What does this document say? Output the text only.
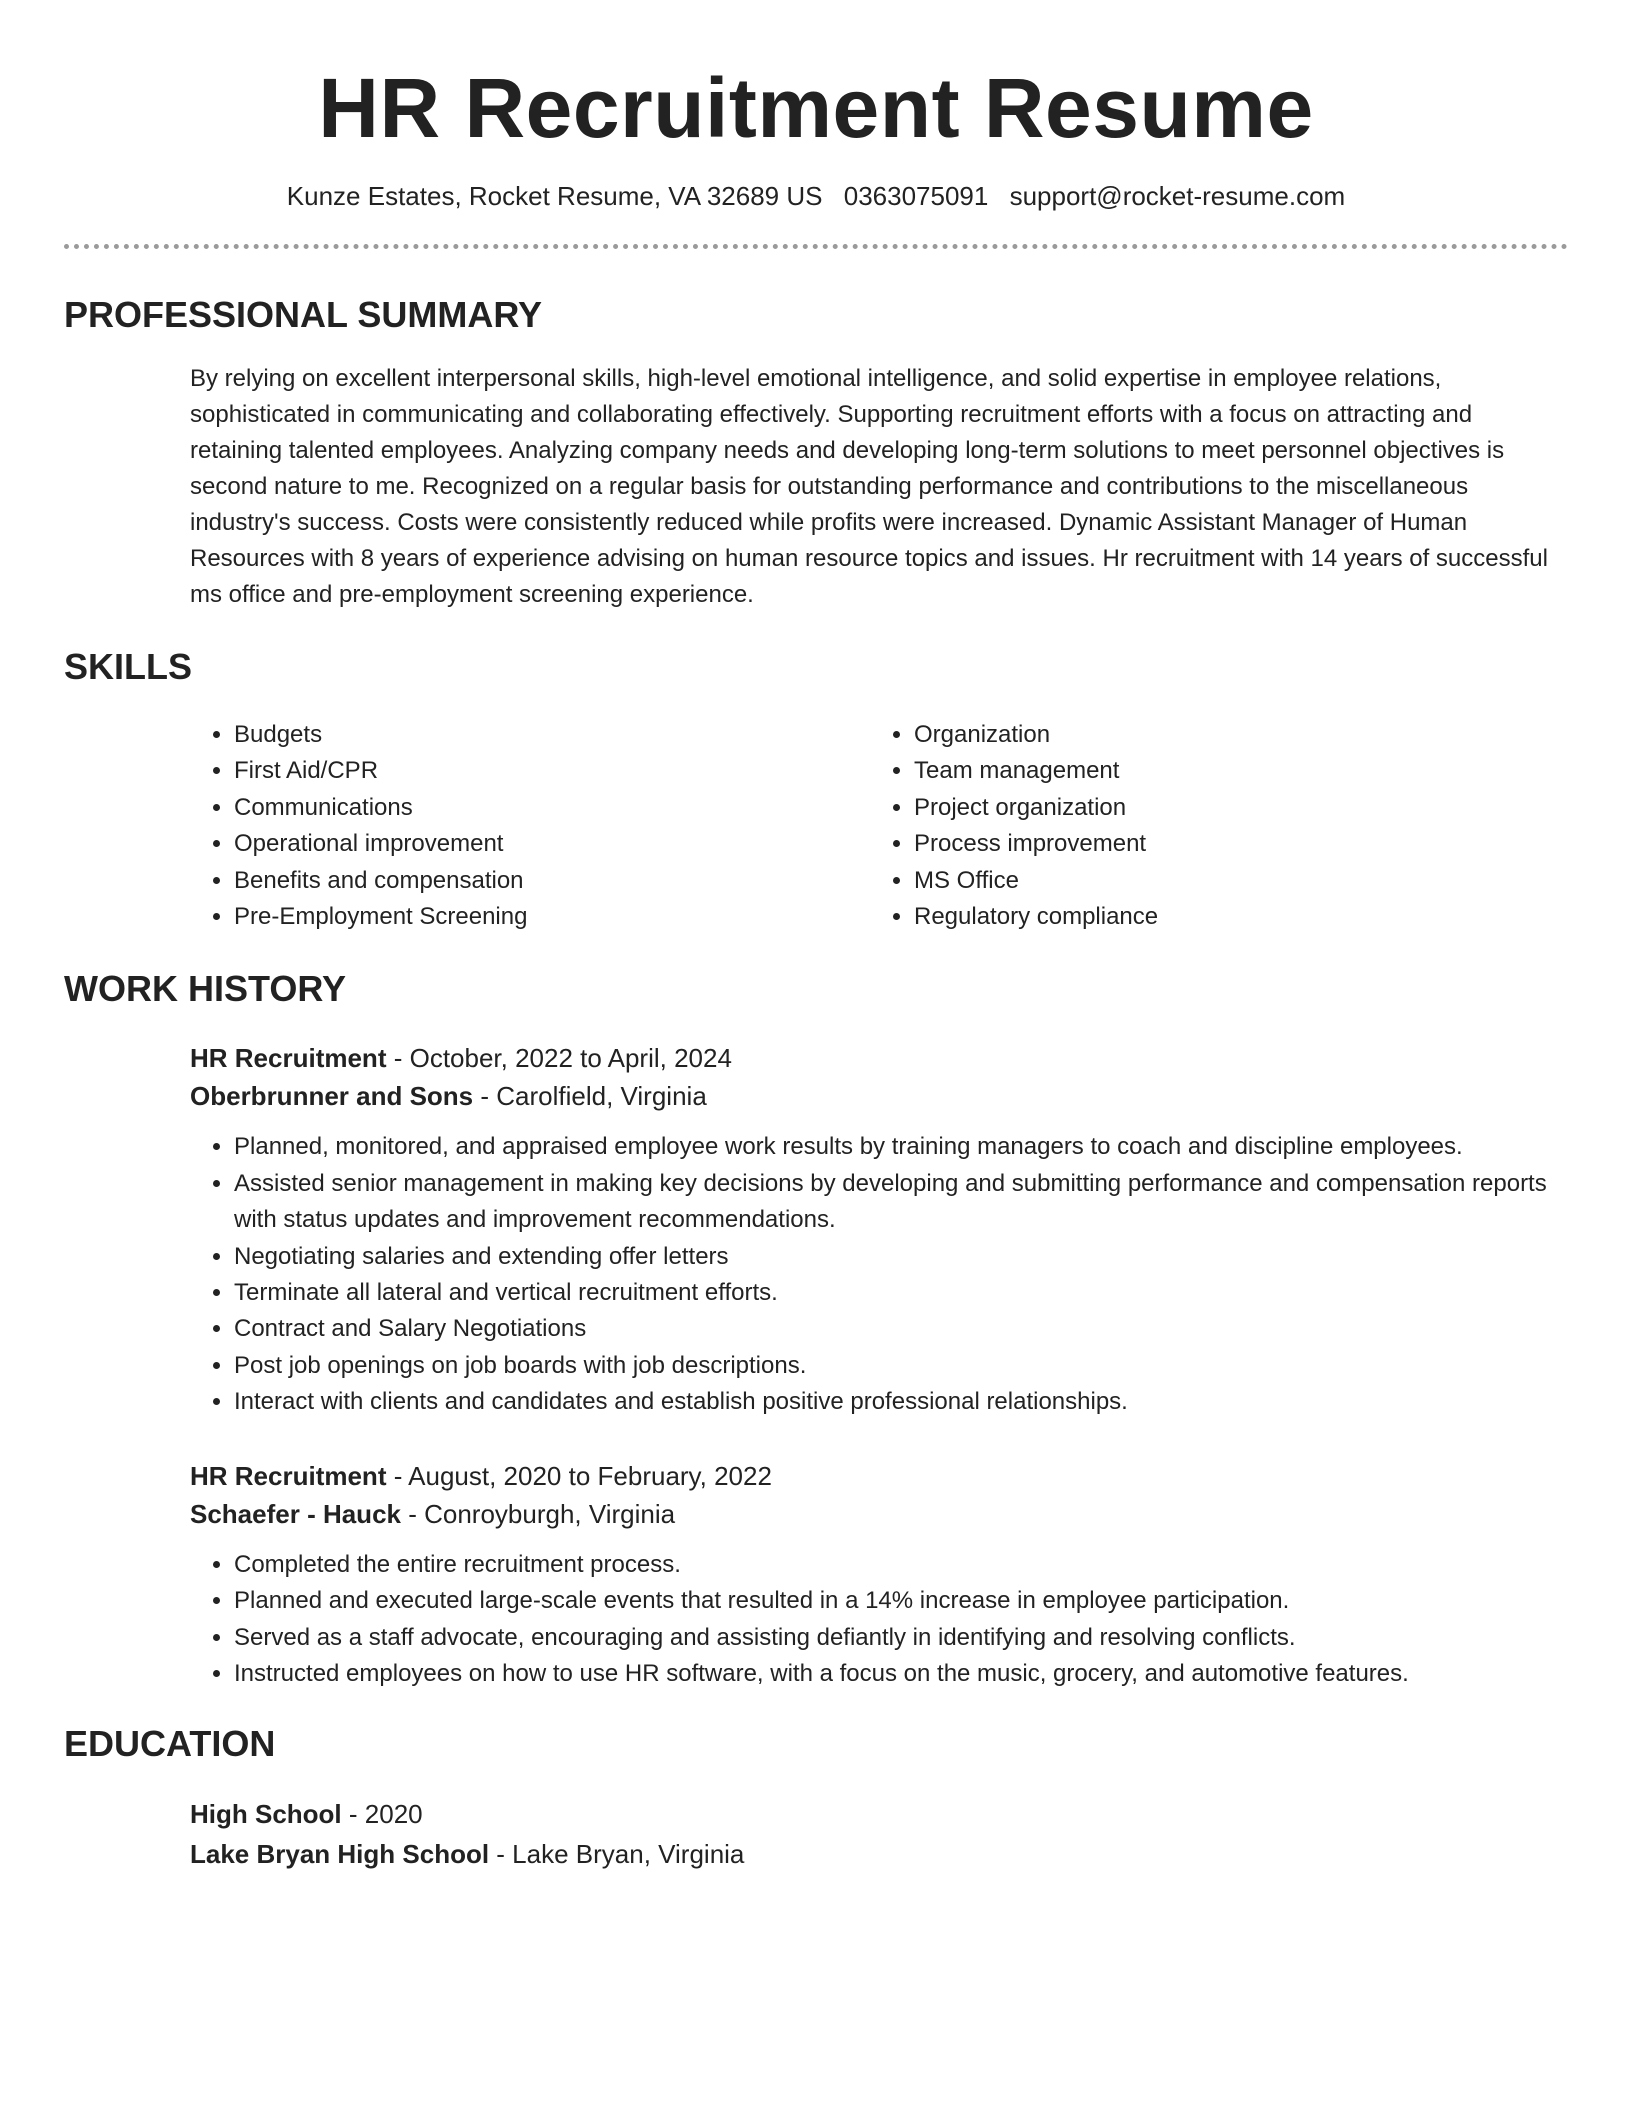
HR Recruitment Resume
Kunze Estates, Rocket Resume, VA 32689 US 0363075091 support@rocket-resume.com
PROFESSIONAL SUMMARY

By relying on excellent interpersonal skills, high-level emotional intelligence, and solid expertise in employee relations, sophisticated in communicating and collaborating effectively. Supporting recruitment efforts with a focus on attracting and retaining talented employees. Analyzing company needs and developing long-term solutions to meet personnel objectives is second nature to me. Recognized on a regular basis for outstanding performance and contributions to the miscellaneous industry's success. Costs were consistently reduced while profits were increased. Dynamic Assistant Manager of Human Resources with 8 years of experience advising on human resource topics and issues. Hr recruitment with 14 years of successful ms office and pre-employment screening experience.

SKILLS
• Budgets
• First Aid/CPR
• Communications
• Operational improvement
• Benefits and compensation
• Pre-Employment Screening
• Organization
• Team management
• Project organization
• Process improvement
• MS Office
• Regulatory compliance
WORK HISTORY
HR Recruitment - October, 2022 to April, 2024
Oberbrunner and Sons - Carolfield, Virginia
• Planned, monitored, and appraised employee work results by training managers to coach and discipline employees.
• Assisted senior management in making key decisions by developing and submitting performance and compensation reports with status updates and improvement recommendations.
• Negotiating salaries and extending offer letters
• Terminate all lateral and vertical recruitment efforts.
• Contract and Salary Negotiations
• Post job openings on job boards with job descriptions.
• Interact with clients and candidates and establish positive professional relationships.
HR Recruitment - August, 2020 to February, 2022
Schaefer - Hauck - Conroyburgh, Virginia
• Completed the entire recruitment process.
• Planned and executed large-scale events that resulted in a 14% increase in employee participation.
• Served as a staff advocate, encouraging and assisting defiantly in identifying and resolving conflicts.
• Instructed employees on how to use HR software, with a focus on the music, grocery, and automotive features.
EDUCATION
High School - 2020
Lake Bryan High School - Lake Bryan, Virginia
